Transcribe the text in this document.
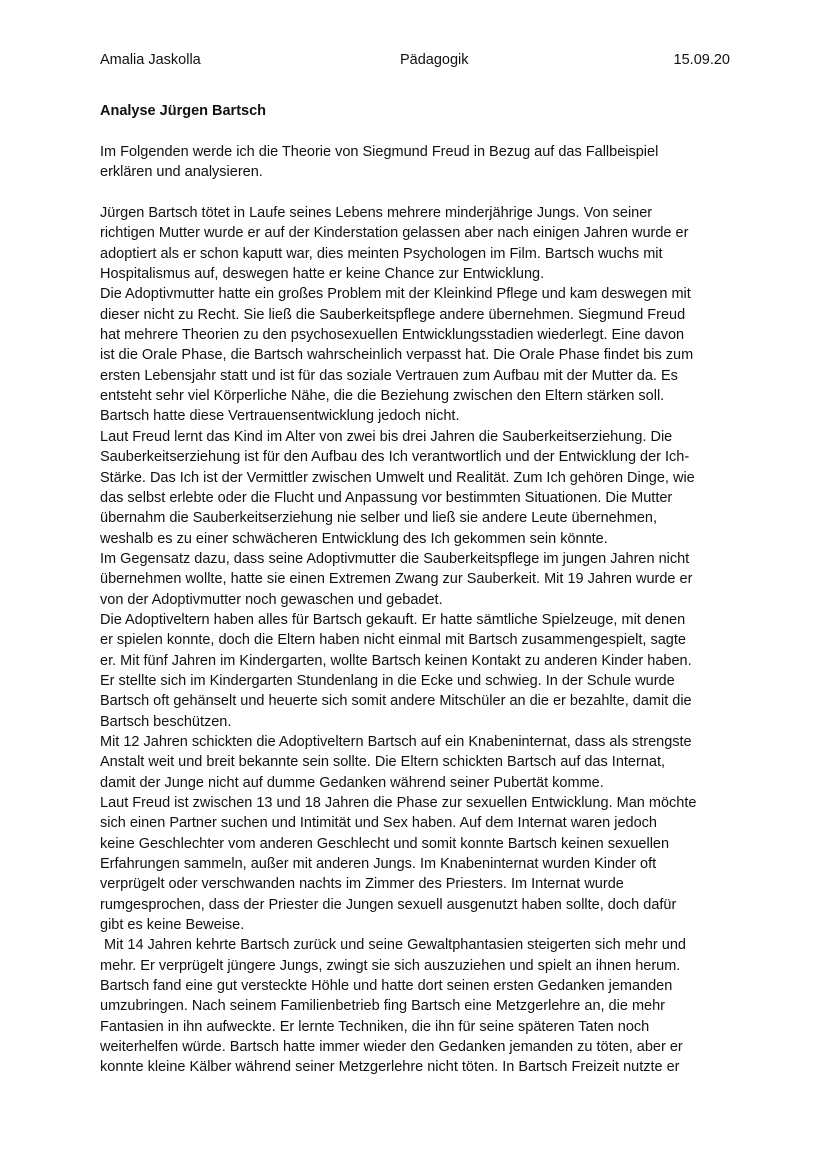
Amalia Jaskolla	Pädagogik	15.09.20
Analyse Jürgen Bartsch

Im Folgenden werde ich die Theorie von Siegmund Freud in Bezug auf das Fallbeispiel

erklären und analysieren.

Jürgen Bartsch tötet in Laufe seines Lebens mehrere minderjährige Jungs. Von seiner

richtigen Mutter wurde er auf der Kinderstation gelassen aber nach einigen Jahren wurde er

adoptiert als er schon kaputt war, dies meinten Psychologen im Film. Bartsch wuchs mit

Hospitalismus auf, deswegen hatte er keine Chance zur Entwicklung.

Die Adoptivmutter hatte ein großes Problem mit der Kleinkind Pflege und kam deswegen mit

dieser nicht zu Recht. Sie ließ die Sauberkeitspflege andere übernehmen. Siegmund Freud

hat mehrere Theorien zu den psychosexuellen Entwicklungsstadien wiederlegt. Eine davon

ist die Orale Phase, die Bartsch wahrscheinlich verpasst hat. Die Orale Phase findet bis zum

ersten Lebensjahr statt und ist für das soziale Vertrauen zum Aufbau mit der Mutter da. Es

entsteht sehr viel Körperliche Nähe, die die Beziehung zwischen den Eltern stärken soll.

Bartsch hatte diese Vertrauensentwicklung jedoch nicht.

Laut Freud lernt das Kind im Alter von zwei bis drei Jahren die Sauberkeitserziehung. Die

Sauberkeitserziehung ist für den Aufbau des Ich verantwortlich und der Entwicklung der Ich-

Stärke. Das Ich ist der Vermittler zwischen Umwelt und Realität. Zum Ich gehören Dinge, wie

das selbst erlebte oder die Flucht und Anpassung vor bestimmten Situationen. Die Mutter

übernahm die Sauberkeitserziehung nie selber und ließ sie andere Leute übernehmen,

weshalb es zu einer schwächeren Entwicklung des Ich gekommen sein könnte.

Im Gegensatz dazu, dass seine Adoptivmutter die Sauberkeitspflege im jungen Jahren nicht

übernehmen wollte, hatte sie einen Extremen Zwang zur Sauberkeit. Mit 19 Jahren wurde er

von der Adoptivmutter noch gewaschen und gebadet.

Die Adoptiveltern haben alles für Bartsch gekauft. Er hatte sämtliche Spielzeuge, mit denen

er spielen konnte, doch die Eltern haben nicht einmal mit Bartsch zusammengespielt, sagte

er. Mit fünf Jahren im Kindergarten, wollte Bartsch keinen Kontakt zu anderen Kinder haben.

Er stellte sich im Kindergarten Stundenlang in die Ecke und schwieg. In der Schule wurde

Bartsch oft gehänselt und heuerte sich somit andere Mitschüler an die er bezahlte, damit die

Bartsch beschützen.

Mit 12 Jahren schickten die Adoptiveltern Bartsch auf ein Knabeninternat, dass als strengste

Anstalt weit und breit bekannte sein sollte. Die Eltern schickten Bartsch auf das Internat,

damit der Junge nicht auf dumme Gedanken während seiner Pubertät komme.

Laut Freud ist zwischen 13 und 18 Jahren die Phase zur sexuellen Entwicklung. Man möchte

sich einen Partner suchen und Intimität und Sex haben. Auf dem Internat waren jedoch

keine Geschlechter vom anderen Geschlecht und somit konnte Bartsch keinen sexuellen

Erfahrungen sammeln, außer mit anderen Jungs. Im Knabeninternat wurden Kinder oft

verprügelt oder verschwanden nachts im Zimmer des Priesters. Im Internat wurde

rumgesprochen, dass der Priester die Jungen sexuell ausgenutzt haben sollte, doch dafür

gibt es keine Beweise.

Mit 14 Jahren kehrte Bartsch zurück und seine Gewaltphantasien steigerten sich mehr und

mehr. Er verprügelt jüngere Jungs, zwingt sie sich auszuziehen und spielt an ihnen herum.

Bartsch fand eine gut versteckte Höhle und hatte dort seinen ersten Gedanken jemanden

umzubringen. Nach seinem Familienbetrieb fing Bartsch eine Metzgerlehre an, die mehr

Fantasien in ihn aufweckte. Er lernte Techniken, die ihn für seine späteren Taten noch

weiterhelfen würde. Bartsch hatte immer wieder den Gedanken jemanden zu töten, aber er

konnte kleine Kälber während seiner Metzgerlehre nicht töten. In Bartsch Freizeit nutzte er
